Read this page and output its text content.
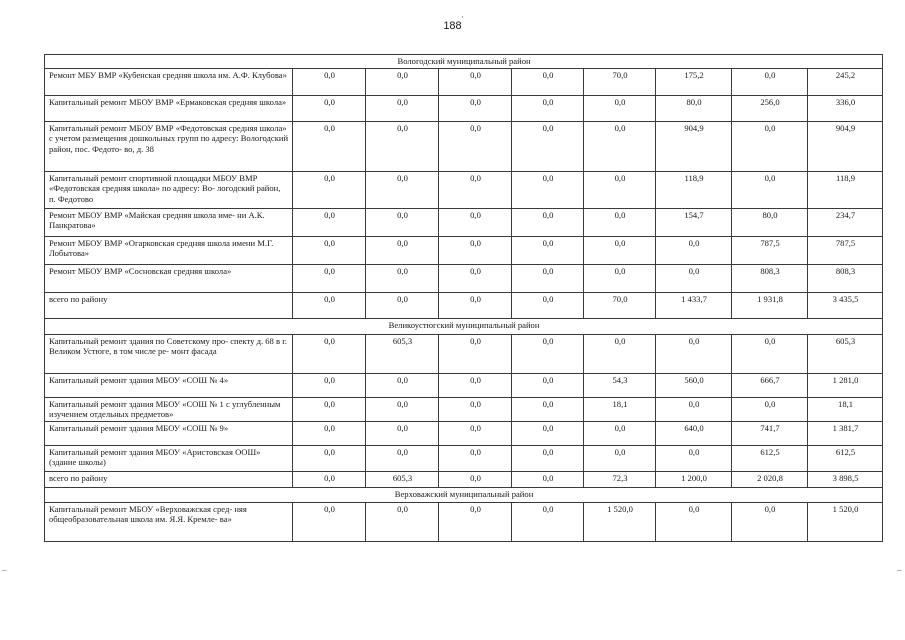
188
·
–	–
Вологодский муниципальный район								
Ремонт МБУ ВМР «Кубенская средняя школа им. А.Ф. Клубова»	0,0	0,0	0,0	0,0	70,0	175,2	0,0	245,2
Капитальный ремонт МБОУ ВМР «Ермаковская средняя школа»	0,0	0,0	0,0	0,0	0,0	80,0	256,0	336,0
Капитальный ремонт МБОУ ВМР «Федотовская средняя школа» с учетом размещения дошкольных групп по адресу: Вологодский район, пос. Федото- во, д. 38	0,0	0,0	0,0	0,0	0,0	904,9	0,0	904,9
Капитальный ремонт спортивной площадки МБОУ ВМР «Федотовская средняя школа» по адресу: Во- логодский район, п. Федотово	0,0	0,0	0,0	0,0	0,0	118,9	0,0	118,9
Ремонт МБОУ ВМР «Майская средняя школа име- ни А.К. Панкратова»	0,0	0,0	0,0	0,0	0,0	154,7	80,0	234,7
Ремонт МБОУ ВМР «Огарковская средняя школа имени М.Г. Лобытова»	0,0	0,0	0,0	0,0	0,0	0,0	787,5	787,5
Ремонт МБОУ ВМР «Сосновская средняя школа»	0,0	0,0	0,0	0,0	0,0	0,0	808,3	808,3
всего по району	0,0	0,0	0,0	0,0	70,0	1 433,7	1 931,8	3 435,5
Великоустюгский муниципальный район								
Капитальный ремонт здания по Советскому про- спекту д. 68 в г. Великом Устюге, в том числе ре- монт фасада	0,0	605,3	0,0	0,0	0,0	0,0	0,0	605,3
Капитальный ремонт здания МБОУ «СОШ № 4»	0,0	0,0	0,0	0,0	54,3	560,0	666,7	1 281,0
Капитальный ремонт здания МБОУ «СОШ № 1 с углубленным изучением отдельных предметов»	0,0	0,0	0,0	0,0	18,1	0,0	0,0	18,1
Капитальный ремонт здания МБОУ «СОШ № 9»	0,0	0,0	0,0	0,0	0,0	640,0	741,7	1 381,7
Капитальный ремонт здания МБОУ «Аристовская ООШ» (здание школы)	0,0	0,0	0,0	0,0	0,0	0,0	612,5	612,5
всего по району	0,0	605,3	0,0	0,0	72,3	1 200,0	2 020,8	3 898,5
Верховажский муниципальный район								
Капитальный ремонт МБОУ «Верховажская сред- няя общеобразовательная школа им. Я.Я. Кремле- ва»	0,0	0,0	0,0	0,0	1 520,0	0,0	0,0	1 520,0
